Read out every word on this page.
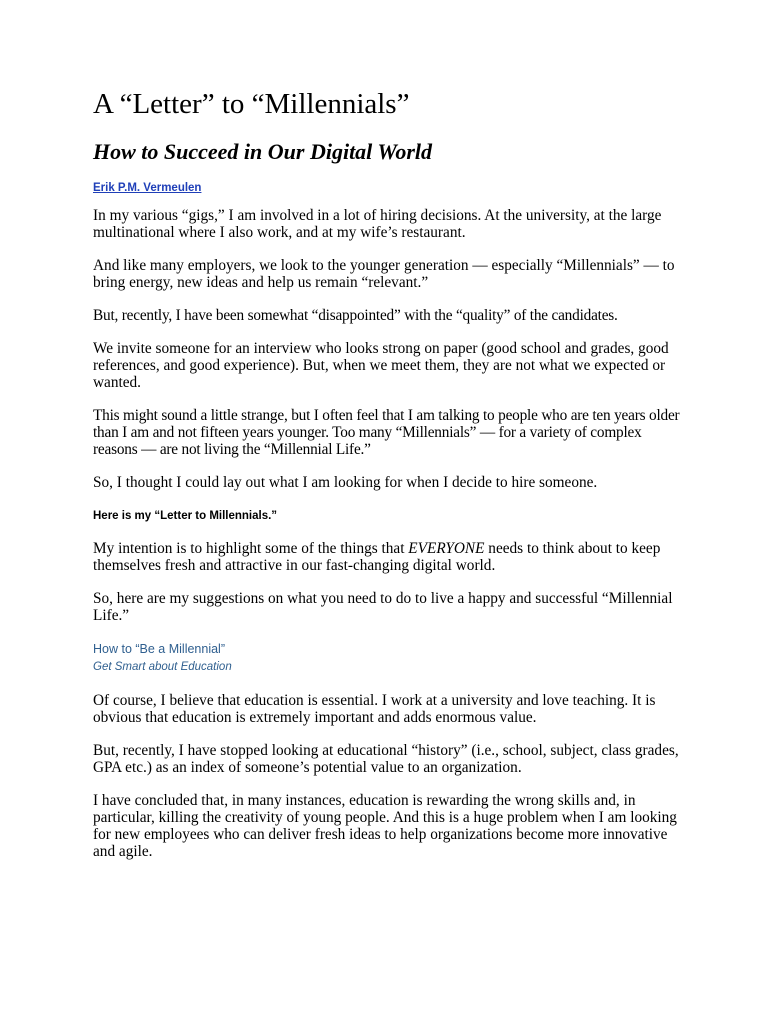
A “Letter” to “Millennials”
How to Succeed in Our Digital World
Erik P.M. Vermeulen

In my various “gigs,” I am involved in a lot of hiring decisions. At the university, at the large multinational where I also work, and at my wife’s restaurant.

And like many employers, we look to the younger generation — especially “Millennials” — to bring energy, new ideas and help us remain “relevant.”

But, recently, I have been somewhat “disappointed” with the “quality” of the candidates.

We invite someone for an interview who looks strong on paper (good school and grades, good references, and good experience). But, when we meet them, they are not what we expected or wanted.

This might sound a little strange, but I often feel that I am talking to people who are ten years older than I am and not fifteen years younger. Too many “Millennials” — for a variety of complex reasons — are not living the “Millennial Life.”

So, I thought I could lay out what I am looking for when I decide to hire someone.

Here is my “Letter to Millennials.”

My intention is to highlight some of the things that EVERYONE needs to think about to keep themselves fresh and attractive in our fast-changing digital world.

So, here are my suggestions on what you need to do to live a happy and successful “Millennial Life.”

How to “Be a Millennial”
Get Smart about Education

Of course, I believe that education is essential. I work at a university and love teaching. It is obvious that education is extremely important and adds enormous value.

But, recently, I have stopped looking at educational “history” (i.e., school, subject, class grades, GPA etc.) as an index of someone’s potential value to an organization.

I have concluded that, in many instances, education is rewarding the wrong skills and, in particular, killing the creativity of young people. And this is a huge problem when I am looking for new employees who can deliver fresh ideas to help organizations become more innovative and agile.
